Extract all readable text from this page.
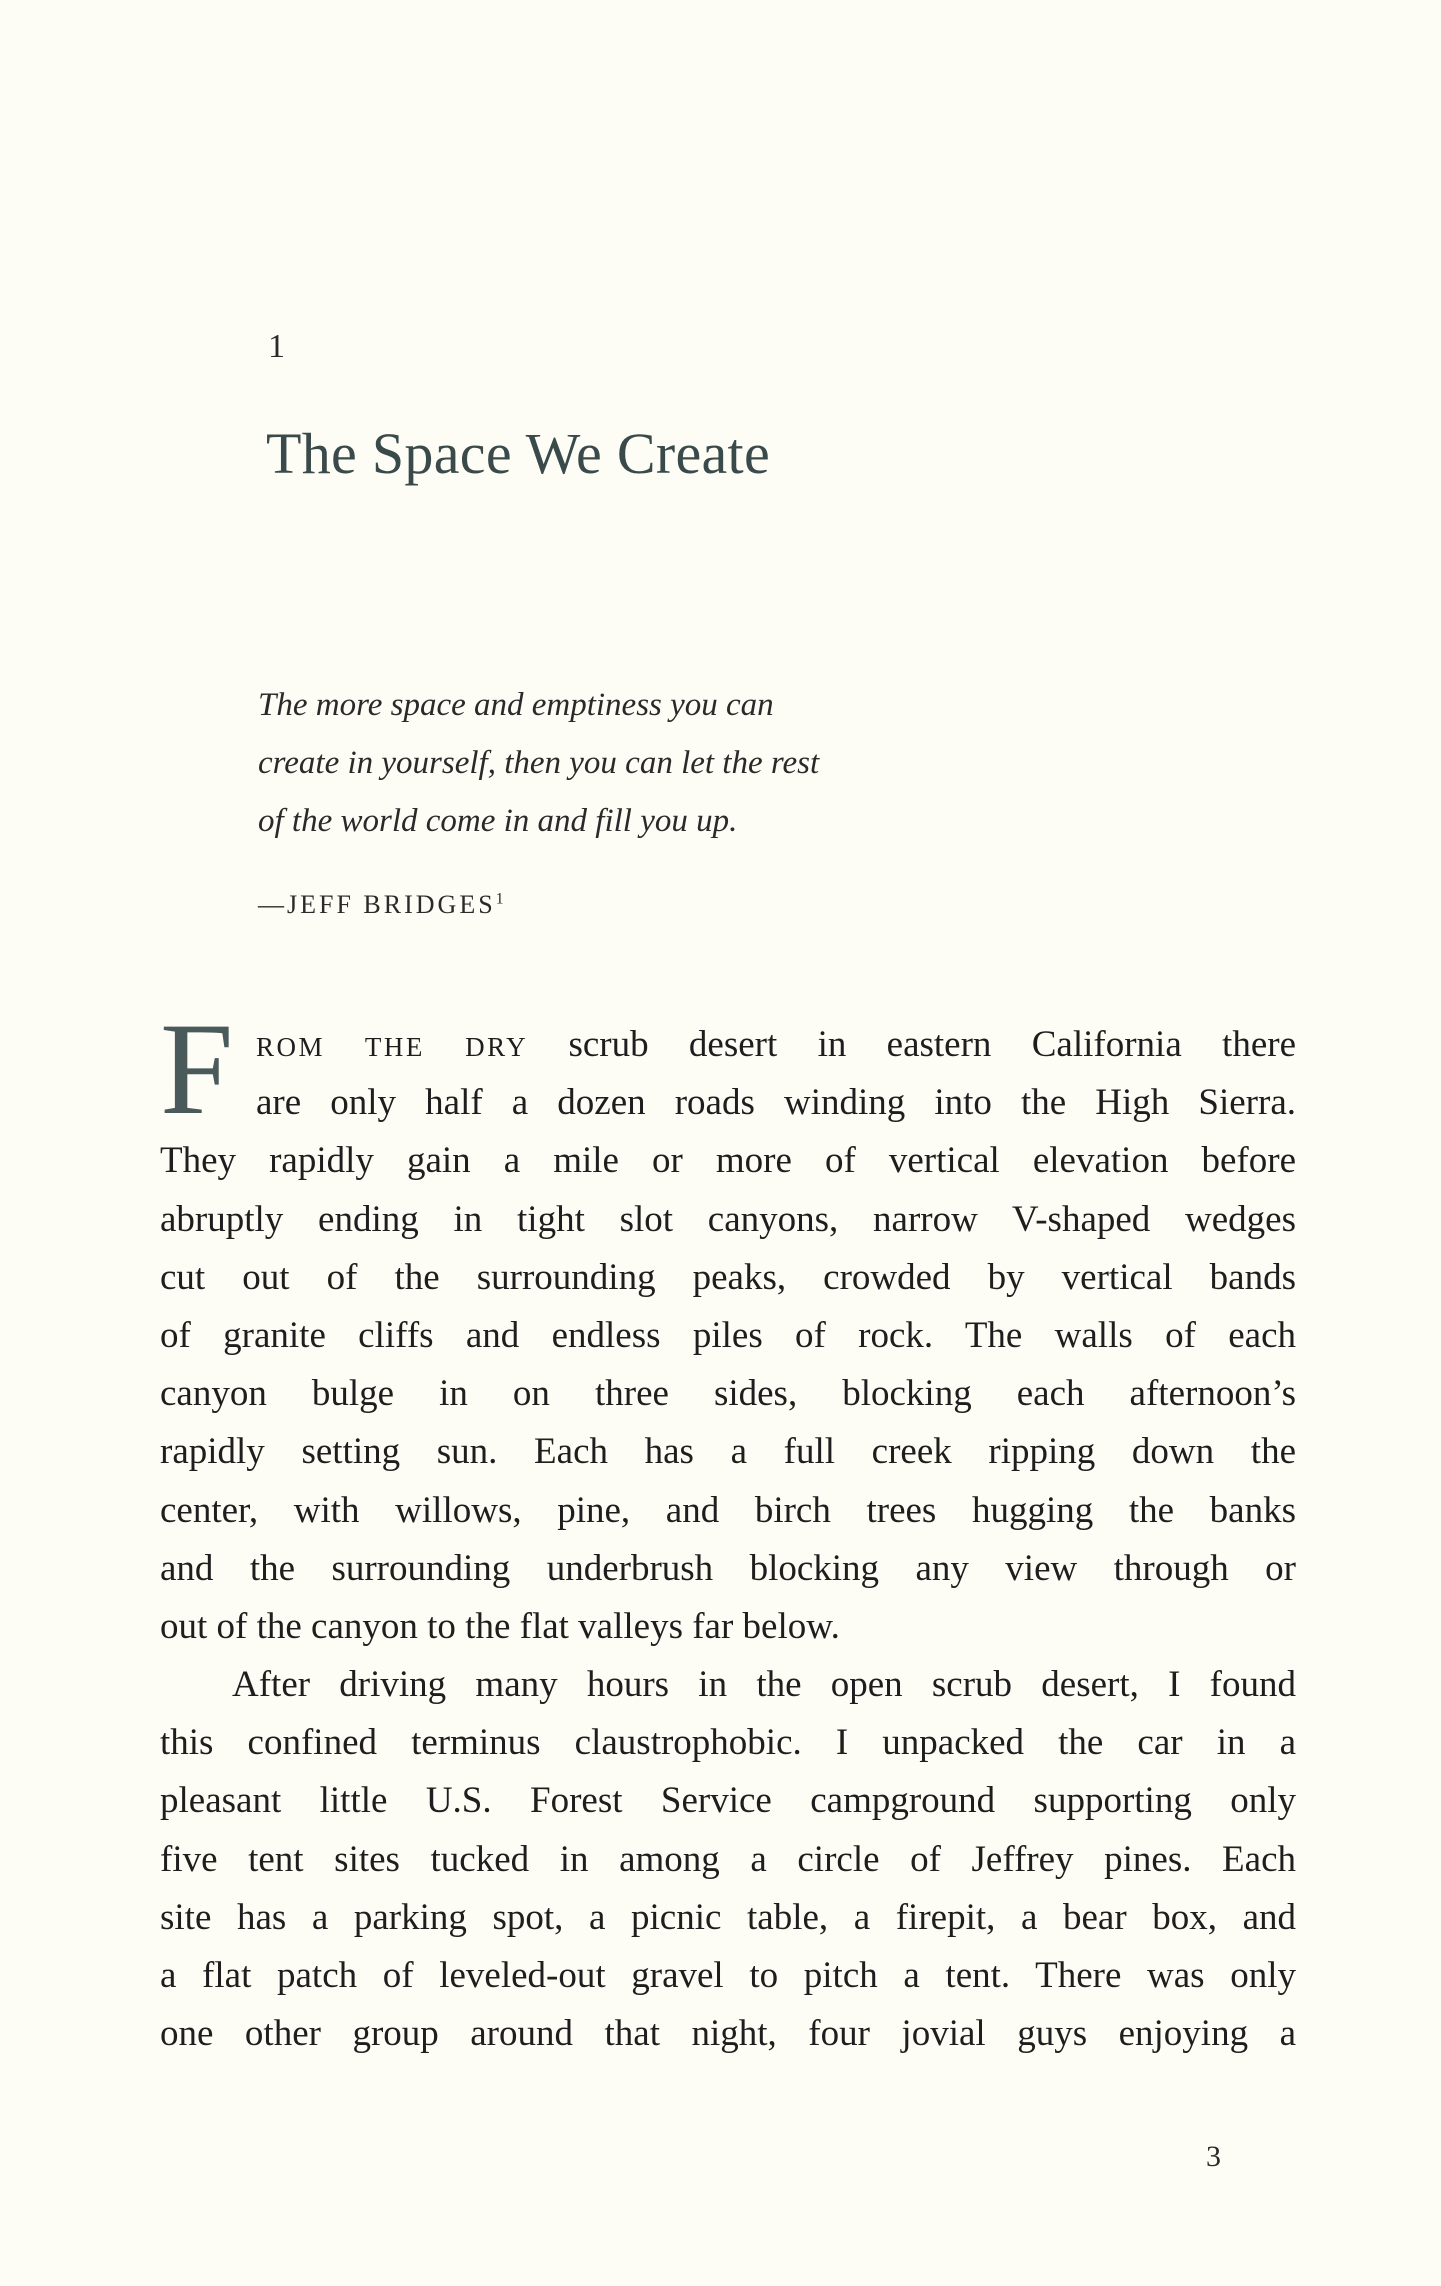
1
The Space We Create
The more space and emptiness you can
create in yourself, then you can let the rest
of the world come in and fill you up.
—JEFF BRIDGES$^1$
F ROM THE DRY scrub desert in eastern California there
are only half a dozen roads winding into the High Sierra.
They rapidly gain a mile or more of vertical elevation before
abruptly ending in tight slot canyons, narrow V-shaped wedges
cut out of the surrounding peaks, crowded by vertical bands
of granite cliffs and endless piles of rock. The walls of each
canyon bulge in on three sides, blocking each afternoon’s
rapidly setting sun. Each has a full creek ripping down the
center, with willows, pine, and birch trees hugging the banks
and the surrounding underbrush blocking any view through or
out of the canyon to the flat valleys far below.
After driving many hours in the open scrub desert, I found
this confined terminus claustrophobic. I unpacked the car in a
pleasant little U.S. Forest Service campground supporting only
five tent sites tucked in among a circle of Jeffrey pines. Each
site has a parking spot, a picnic table, a firepit, a bear box, and
a flat patch of leveled-out gravel to pitch a tent. There was only
one other group around that night, four jovial guys enjoying a
3
